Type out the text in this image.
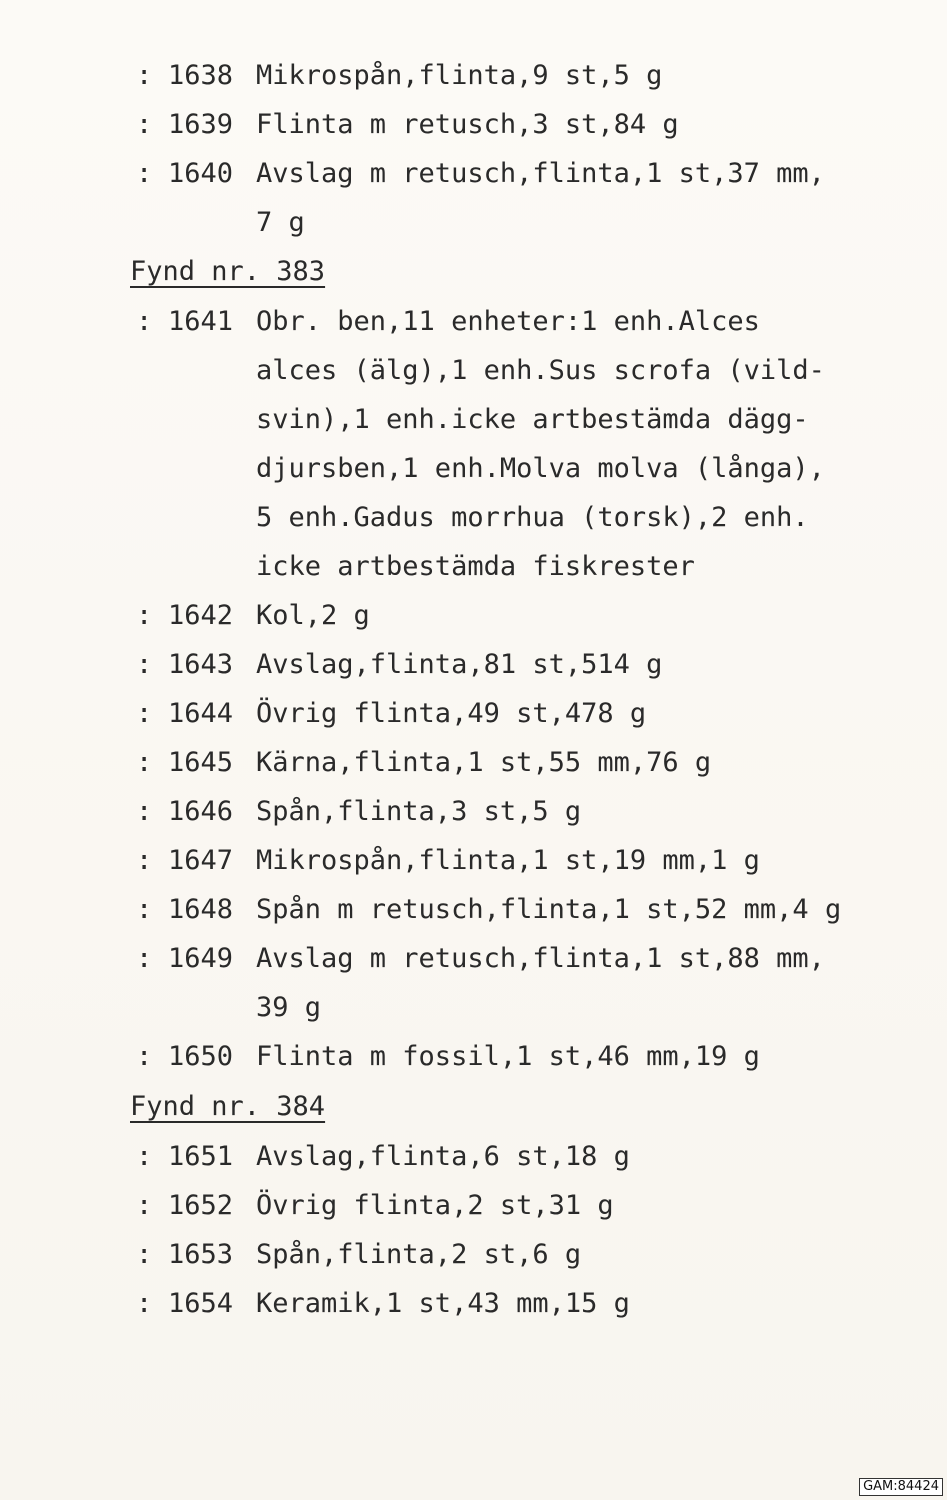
: 1638 Mikrospån,flinta,9 st,5 g
: 1639 Flinta m retusch,3 st,84 g
: 1640 Avslag m retusch,flinta,1 st,37 mm,
7 g
Fynd nr. 383
: 1641 Obr. ben,11 enheter:1 enh.Alces
alces (älg),1 enh.Sus scrofa (vild-
svin),1 enh.icke artbestämda dägg-
djursben,1 enh.Molva molva (långa),
5 enh.Gadus morrhua (torsk),2 enh.
icke artbestämda fiskrester
: 1642 Kol,2 g
: 1643 Avslag,flinta,81 st,514 g
: 1644 Övrig flinta,49 st,478 g
: 1645 Kärna,flinta,1 st,55 mm,76 g
: 1646 Spån,flinta,3 st,5 g
: 1647 Mikrospån,flinta,1 st,19 mm,1 g
: 1648 Spån m retusch,flinta,1 st,52 mm,4 g
: 1649 Avslag m retusch,flinta,1 st,88 mm,
39 g
: 1650 Flinta m fossil,1 st,46 mm,19 g
Fynd nr. 384
: 1651 Avslag,flinta,6 st,18 g
: 1652 Övrig flinta,2 st,31 g
: 1653 Spån,flinta,2 st,6 g
: 1654 Keramik,1 st,43 mm,15 g
GAM:84424
